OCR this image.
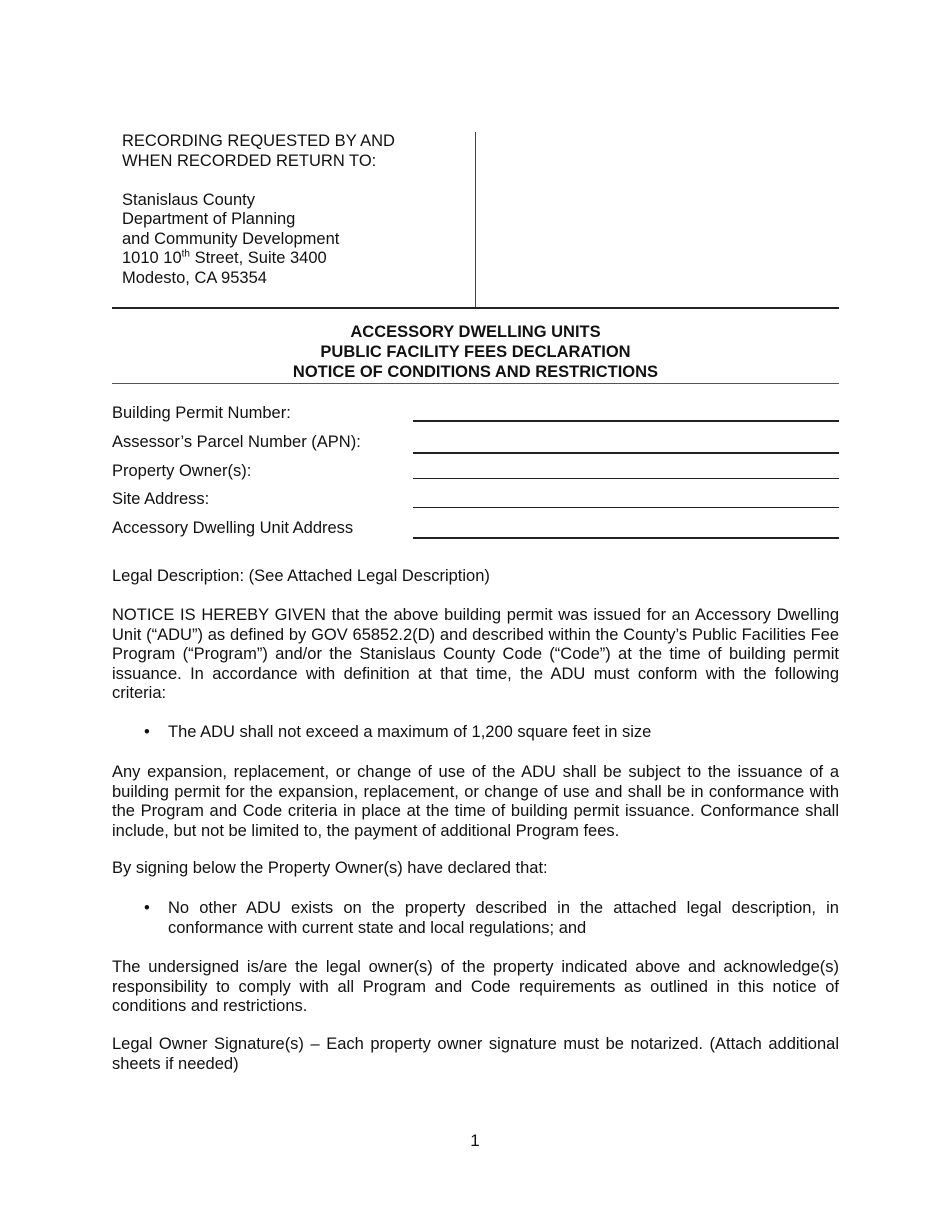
RECORDING REQUESTED BY AND
WHEN RECORDED RETURN TO:
Stanislaus County
Department of Planning
and Community Development
1010 10th Street, Suite 3400
Modesto, CA 95354
ACCESSORY DWELLING UNITS
PUBLIC FACILITY FEES DECLARATION
NOTICE OF CONDITIONS AND RESTRICTIONS
Building Permit Number:
Assessor’s Parcel Number (APN):
Property Owner(s):
Site Address:
Accessory Dwelling Unit Address
Legal Description: (See Attached Legal Description)
NOTICE IS HEREBY GIVEN that the above building permit was issued for an Accessory Dwelling Unit (“ADU”) as defined by GOV 65852.2(D) and described within the County’s Public Facilities Fee Program (“Program”) and/or the Stanislaus County Code (“Code”) at the time of building permit issuance. In accordance with definition at that time, the ADU must conform with the following criteria:
• The ADU shall not exceed a maximum of 1,200 square feet in size
Any expansion, replacement, or change of use of the ADU shall be subject to the issuance of a building permit for the expansion, replacement, or change of use and shall be in conformance with the Program and Code criteria in place at the time of building permit issuance. Conformance shall include, but not be limited to, the payment of additional Program fees.
By signing below the Property Owner(s) have declared that:
• No other ADU exists on the property described in the attached legal description, in conformance with current state and local regulations; and
The undersigned is/are the legal owner(s) of the property indicated above and acknowledge(s) responsibility to comply with all Program and Code requirements as outlined in this notice of conditions and restrictions.
Legal Owner Signature(s) – Each property owner signature must be notarized. (Attach additional sheets if needed)
1
